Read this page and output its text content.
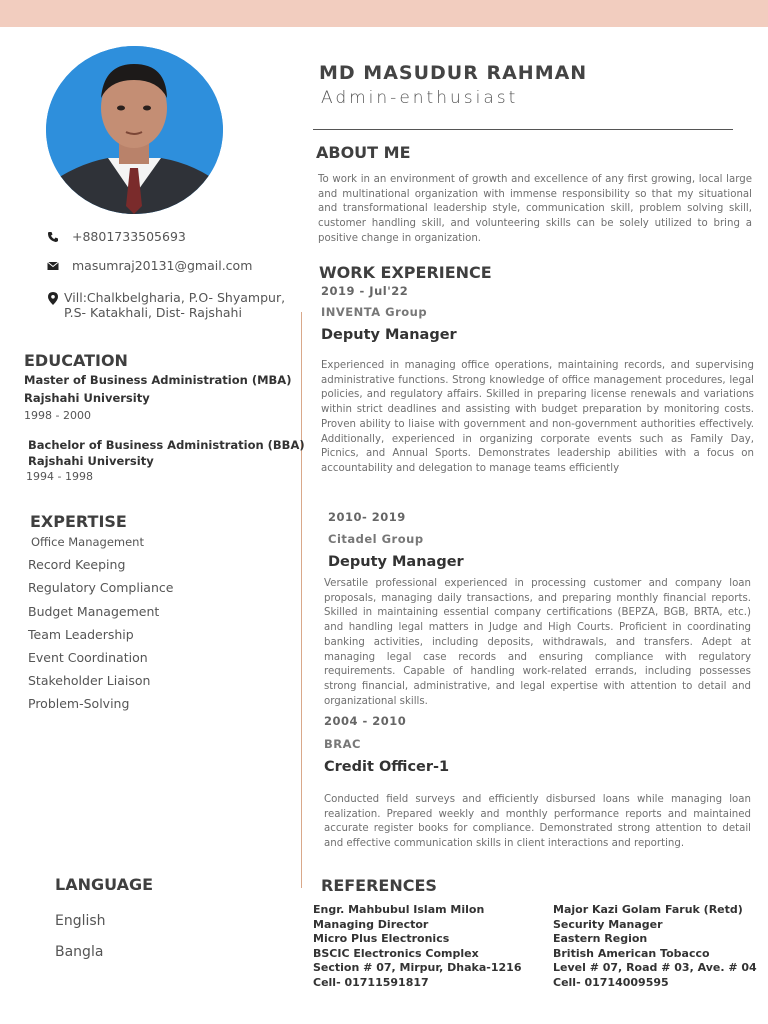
MD MASUDUR RAHMAN
Admin-enthusiast
+8801733505693
masumraj20131@gmail.com
Vill:Chalkbelgharia, P.O- Shyampur,
P.S- Katakhali, Dist- Rajshahi
EDUCATION
Master of Business Administration (MBA)
Rajshahi University
1998 - 2000
Bachelor of Business Administration (BBA)
Rajshahi University
1994 - 1998
EXPERTISE
Office Management
Record Keeping
Regulatory Compliance
Budget Management
Team Leadership
Event Coordination
Stakeholder Liaison
Problem-Solving
LANGUAGE
English
Bangla
ABOUT ME

To work in an environment of growth and excellence of any first growing, local large and multinational organization with immense responsibility so that my situational and transformational leadership style, communication skill, problem solving skill, customer handling skill, and volunteering skills can be solely utilized to bring a positive change in organization.

WORK EXPERIENCE
2019 - Jul'22
INVENTA Group
Deputy Manager

Experienced in managing office operations, maintaining records, and supervising administrative functions. Strong knowledge of office management procedures, legal policies, and regulatory affairs. Skilled in preparing license renewals and variations within strict deadlines and assisting with budget preparation by monitoring costs. Proven ability to liaise with government and non-government authorities effectively. Additionally, experienced in organizing corporate events such as Family Day, Picnics, and Annual Sports. Demonstrates leadership abilities with a focus on accountability and delegation to manage teams efficiently

2010- 2019
Citadel Group
Deputy Manager

Versatile professional experienced in processing customer and company loan proposals, managing daily transactions, and preparing monthly financial reports. Skilled in maintaining essential company certifications (BEPZA, BGB, BRTA, etc.) and handling legal matters in Judge and High Courts. Proficient in coordinating banking activities, including deposits, withdrawals, and transfers. Adept at managing legal case records and ensuring compliance with regulatory requirements. Capable of handling work-related errands, including possesses strong financial, administrative, and legal expertise with attention to detail and organizational skills.

2004 - 2010
BRAC
Credit Officer-1

Conducted field surveys and efficiently disbursed loans while managing loan realization. Prepared weekly and monthly performance reports and maintained accurate register books for compliance. Demonstrated strong attention to detail and effective communication skills in client interactions and reporting.

REFERENCES
Engr. Mahbubul Islam Milon
Managing Director
Micro Plus Electronics
BSCIC Electronics Complex
Section # 07, Mirpur, Dhaka-1216
Cell- 01711591817
Major Kazi Golam Faruk (Retd)
Security Manager
Eastern Region
British American Tobacco
Level # 07, Road # 03, Ave. # 04
Cell- 01714009595
